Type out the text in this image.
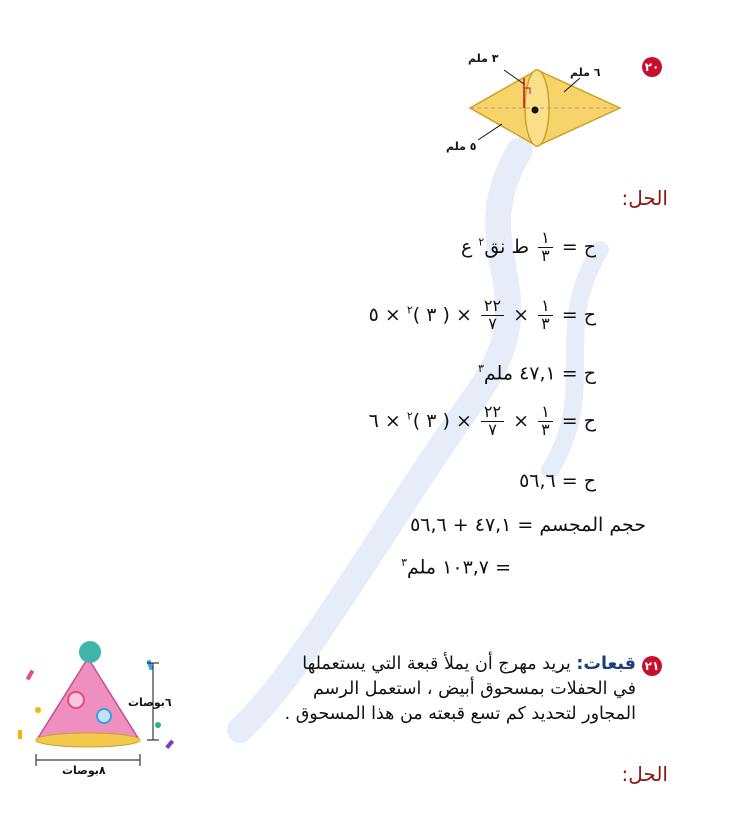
٢٠
٣ ملم
٦ ملم
٥ ملم
الحل:
ح =
$\frac{١}{٣}$
ط نق$^٢$ ع
ح =
$\frac{١}{٣}$
×
$\frac{٢٢}{٧}$
× ( ٣ )$^٢$ × ٥
ح = ٤٧,١ ملم$^٣$
ح =
$\frac{١}{٣}$
×
$\frac{٢٢}{٧}$
× ( ٣ )$^٢$ × ٦
ح = ٥٦,٦
حجم المجسم = ٤٧,١ + ٥٦,٦
= ١٠٣,٧ ملم$^٣$
٢١
قبعات: يريد مهرج أن يملأ قبعة التي يستعملها
في الحفلات بمسحوق أبيض ، استعمل الرسم
المجاور لتحديد كم تسع قبعته من هذا المسحوق .
٦بوصات
٨بوصات	الحل:
